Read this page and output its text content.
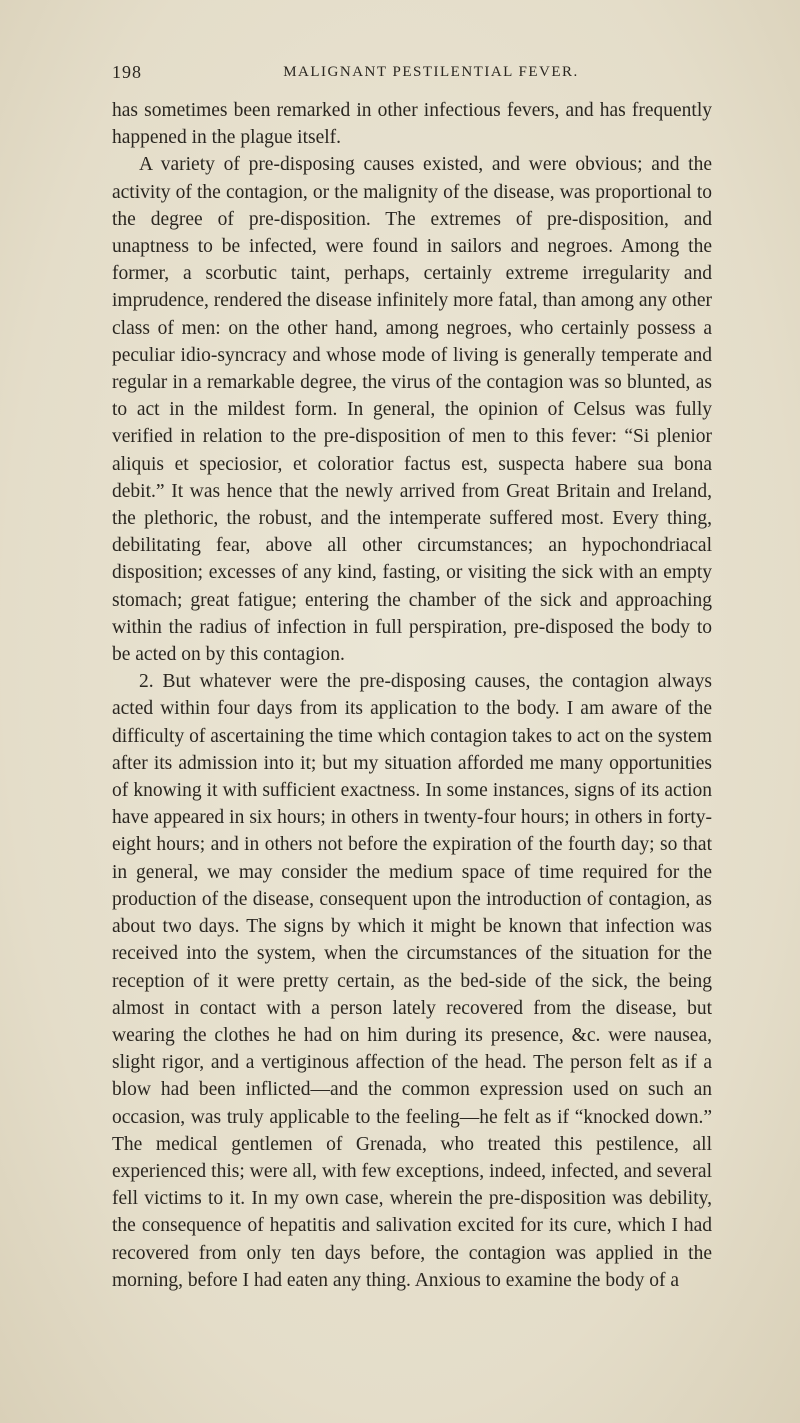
198	MALIGNANT PESTILENTIAL FEVER.

has sometimes been remarked in other infectious fevers, and has frequently happened in the plague itself.

A variety of pre-disposing causes existed, and were obvious; and the activity of the contagion, or the malignity of the disease, was proportional to the degree of pre-disposition. The extremes of pre-disposition, and unaptness to be infected, were found in sailors and negroes. Among the former, a scorbutic taint, perhaps, certainly extreme irregularity and imprudence, rendered the disease infinitely more fatal, than among any other class of men: on the other hand, among negroes, who certainly possess a peculiar idio-syncracy and whose mode of living is generally temperate and regular in a remarkable degree, the virus of the contagion was so blunted, as to act in the mildest form. In general, the opinion of Celsus was fully verified in relation to the pre-disposition of men to this fever: “Si plenior aliquis et speciosior, et coloratior factus est, suspecta habere sua bona debit.” It was hence that the newly arrived from Great Britain and Ireland, the plethoric, the robust, and the intemperate suffered most. Every thing, debilitating fear, above all other circumstances; an hypochondriacal disposition; excesses of any kind, fasting, or visiting the sick with an empty stomach; great fatigue; entering the chamber of the sick and approaching within the radius of infection in full perspiration, pre-disposed the body to be acted on by this contagion.

2. But whatever were the pre-disposing causes, the contagion always acted within four days from its application to the body. I am aware of the difficulty of ascertaining the time which contagion takes to act on the system after its admission into it; but my situation afforded me many opportunities of knowing it with sufficient exactness. In some instances, signs of its action have appeared in six hours; in others in twenty-four hours; in others in forty-eight hours; and in others not before the expiration of the fourth day; so that in general, we may consider the medium space of time required for the production of the disease, consequent upon the introduction of contagion, as about two days. The signs by which it might be known that infection was received into the system, when the circumstances of the situation for the reception of it were pretty certain, as the bed-side of the sick, the being almost in contact with a person lately recovered from the disease, but wearing the clothes he had on him during its presence, &c. were nausea, slight rigor, and a vertiginous affection of the head. The person felt as if a blow had been inflicted—and the common expression used on such an occasion, was truly applicable to the feeling—he felt as if “knocked down.” The medical gentlemen of Grenada, who treated this pestilence, all experienced this; were all, with few exceptions, indeed, infected, and several fell victims to it. In my own case, wherein the pre-disposition was debility, the consequence of hepatitis and salivation excited for its cure, which I had recovered from only ten days before, the contagion was applied in the morning, before I had eaten any thing. Anxious to examine the body of a
